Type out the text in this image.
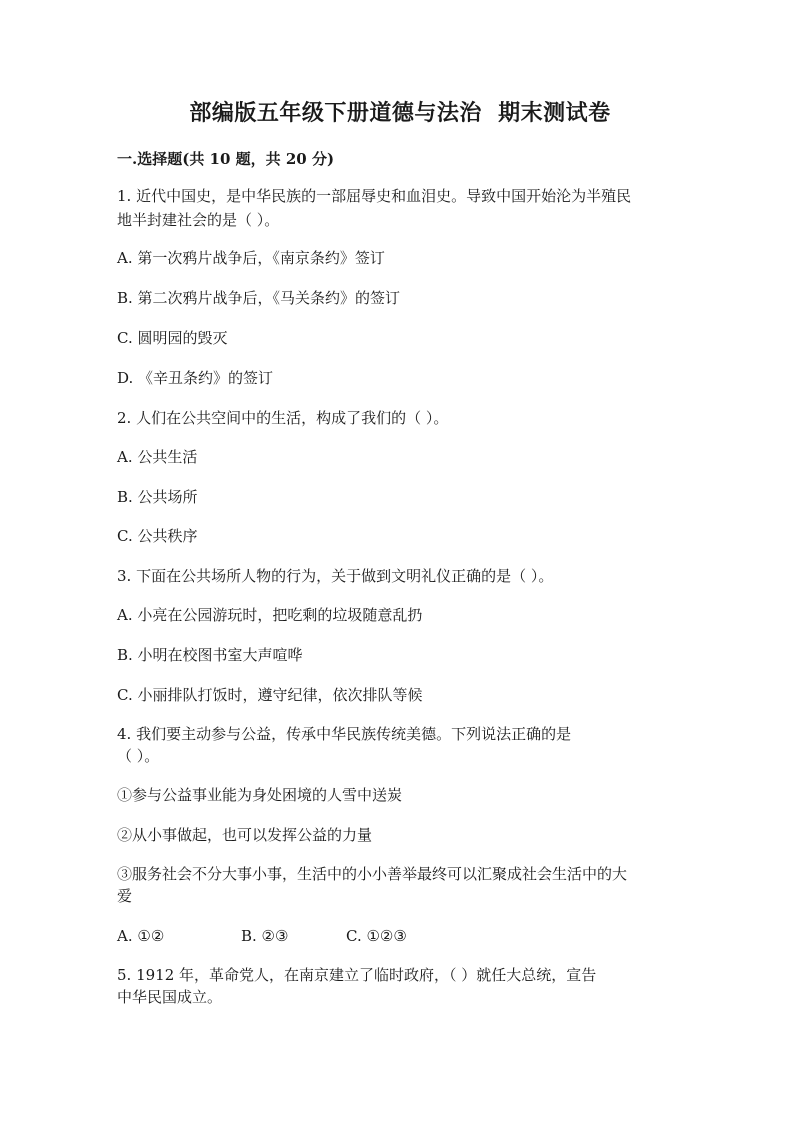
部编版五年级下册道德与法治  期末测试卷
一.选择题(共 10 题，共 20 分)
1. 近代中国史，是中华民族的一部屈辱史和血泪史。导致中国开始沦为半殖民
地半封建社会的是（ ）。
A. 第一次鸦片战争后，《南京条约》签订
B. 第二次鸦片战争后，《马关条约》的签订
C. 圆明园的毁灭
D. 《辛丑条约》的签订
2. 人们在公共空间中的生活，构成了我们的（ ）。
A. 公共生活
B. 公共场所
C. 公共秩序
3. 下面在公共场所人物的行为，关于做到文明礼仪正确的是（ ）。
A. 小亮在公园游玩时，把吃剩的垃圾随意乱扔
B. 小明在校图书室大声喧哗
C. 小丽排队打饭时，遵守纪律，依次排队等候
4. 我们要主动参与公益，传承中华民族传统美德。下列说法正确的是
（ ）。
①参与公益事业能为身处困境的人雪中送炭
②从小事做起，也可以发挥公益的力量
③服务社会不分大事小事，生活中的小小善举最终可以汇聚成社会生活中的大
爱
A. ①②	B. ②③	C. ①②③
5. 1912 年，革命党人，在南京建立了临时政府，（ ）就任大总统，宣告
中华民国成立。
